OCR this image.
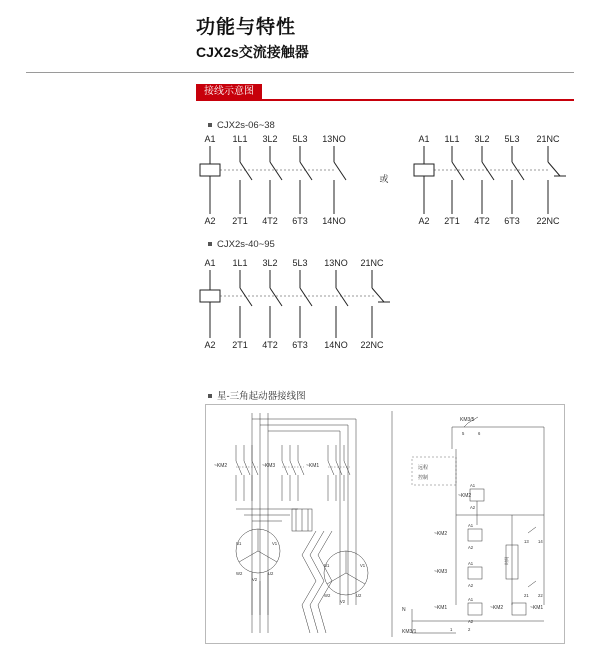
功能与特性
CJX2s交流接触器
接线示意图
CJX2s-06~38
A1 1L1 3L2 5L3 13NO
A2 2T1 4T2 6T3 14NO
或
A1 1L1 3L2 5L3 21NC
A2 2T1 4T2 6T3 22NC
CJX2s-40~95
A1 1L1 3L2 5L3 13NO 21NC
A2 2T1 4T2 6T3 14NO 22NC
星-三角起动器接线图
~KM2	~KM3	~KM1
U1	V1
W2	U2
V2
U1	V1
W2	U2
V2
KM3/5
5	6
远程
控制
~KM2
A1
A2
~KM2
A1
A2
时间
~KM3
A1
A2
~KM1
A1
A2
~KM2	~KM1
N
KM3/1	1	2
13 14
21 22
